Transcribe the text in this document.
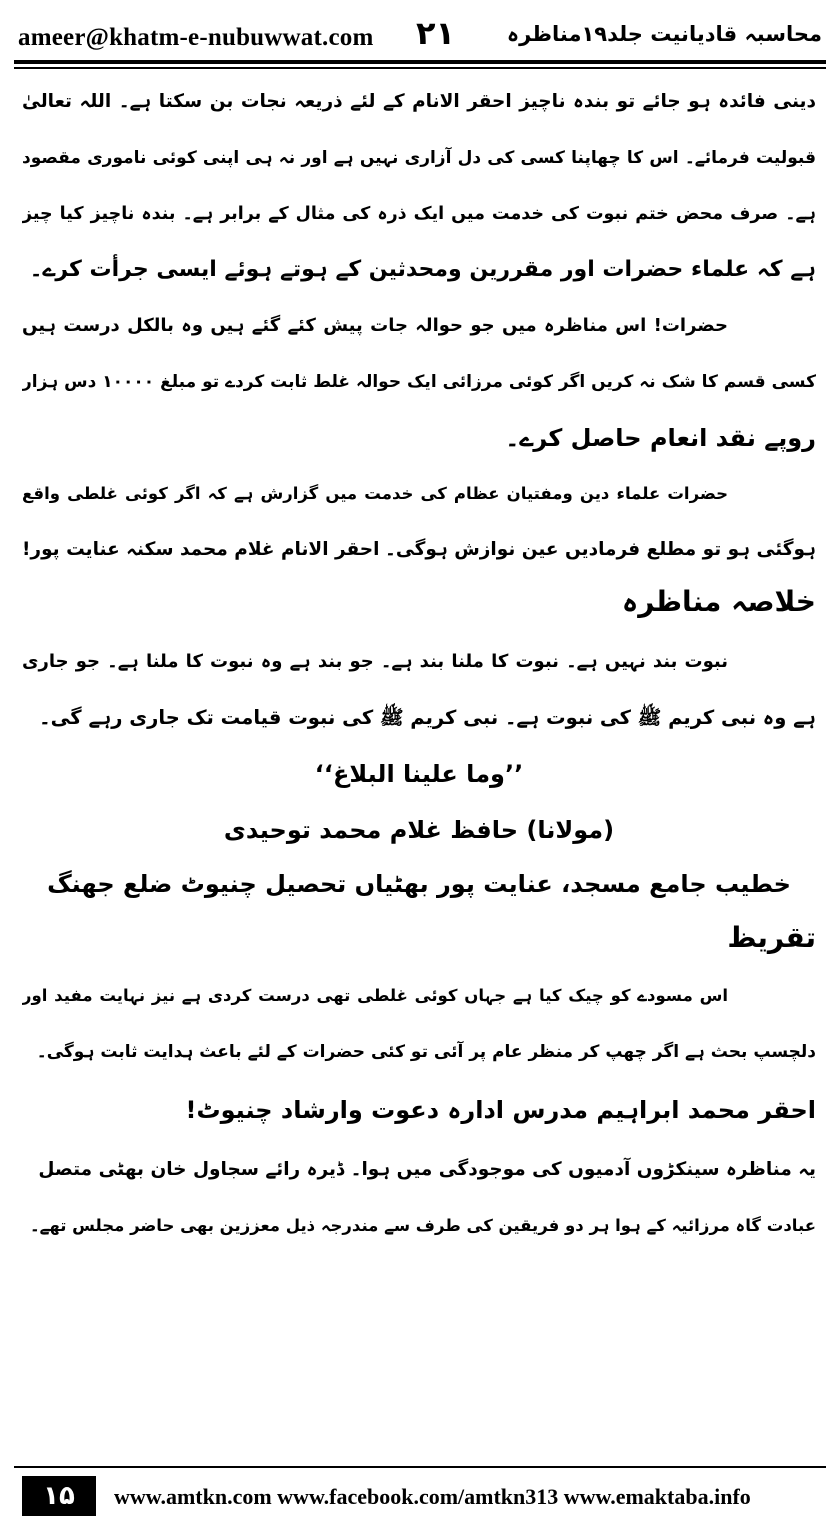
ameer@khatm-e-nubuwwat.com ۲۱ محاسبہ قادیانیت جلد۱۹مناظرہ
دینی فائدہ ہو جائے تو بندہ ناچیز احقر الانام کے لئے ذریعہ نجات بن سکتا ہے۔ اللہ تعالیٰ
قبولیت فرمائے۔ اس کا چھاپنا کسی کی دل آزاری نہیں ہے اور نہ ہی اپنی کوئی ناموری مقصود
ہے۔ صرف محض ختم نبوت کی خدمت میں ایک ذرہ کی مثال کے برابر ہے۔ بندہ ناچیز کیا چیز
ہے کہ علماء حضرات اور مقررین ومحدثین کے ہوتے ہوئے ایسی جرأت کرے۔
حضرات! اس مناظرہ میں جو حوالہ جات پیش کئے گئے ہیں وہ بالکل درست ہیں
کسی قسم کا شک نہ کریں اگر کوئی مرزائی ایک حوالہ غلط ثابت کردے تو مبلغ ۱۰۰۰۰ دس ہزار
روپے نقد انعام حاصل کرے۔
حضرات علماء دین ومفتیان عظام کی خدمت میں گزارش ہے کہ اگر کوئی غلطی واقع
ہوگئی ہو تو مطلع فرمادیں عین نوازش ہوگی۔
احقر الانام غلام محمد سکنہ عنایت پور!
خلاصہ مناظرہ
نبوت بند نہیں ہے۔ نبوت کا ملنا بند ہے۔ جو بند ہے وہ نبوت کا ملنا ہے۔ جو جاری
ہے وہ نبی کریم ﷺ کی نبوت ہے۔ نبی کریم ﷺ کی نبوت قیامت تک جاری رہے گی۔
’’وما علینا البلاغ‘‘
(مولانا) حافظ غلام محمد توحیدی
خطیب جامع مسجد، عنایت پور بھٹیاں تحصیل چنیوٹ ضلع جھنگ
تقریظ
اس مسودے کو چیک کیا ہے جہاں کوئی غلطی تھی درست کردی ہے نیز نہایت مفید اور
دلچسپ بحث ہے اگر چھپ کر منظر عام پر آئی تو کئی حضرات کے لئے باعث ہدایت ثابت ہوگی۔
احقر محمد ابراہیم مدرس ادارہ دعوت وارشاد چنیوٹ!
یہ مناظرہ سینکڑوں آدمیوں کی موجودگی میں ہوا۔ ڈیرہ رائے سجاول خان بھٹی متصل
عبادت گاہ مرزائیہ کے ہوا ہر دو فریقین کی طرف سے مندرجہ ذیل معززین بھی حاضر مجلس تھے۔
۱۵	www.amtkn.com www.facebook.com/amtkn313 www.emaktaba.info
